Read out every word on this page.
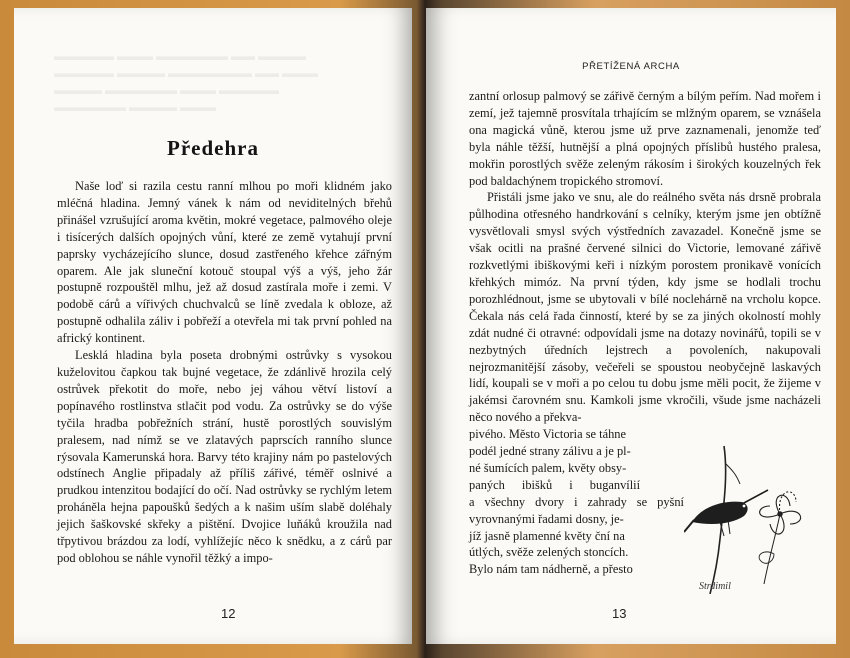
▬▬▬▬▬ ▬▬▬ ▬▬▬▬▬▬ ▬▬ ▬▬▬▬
▬▬▬▬▬ ▬▬▬▬ ▬▬▬▬▬▬▬ ▬▬ ▬▬▬
▬▬▬▬ ▬▬▬▬▬▬ ▬▬▬ ▬▬▬▬▬
▬▬▬▬▬▬ ▬▬▬▬ ▬▬▬
Předehra

Naše loď si razila cestu ranní mlhou po moři klidném jako mléčná hladina. Jemný vánek k nám od neviditelných břehů přinášel vzrušující aroma květin, mokré vegetace, palmového oleje i tisícerých dalších opojných vůní, které ze země vytahují první paprsky vycházejícího slunce, dosud zastřeného křehce zářným oparem. Ale jak sluneční kotouč stoupal výš a výš, jeho žár postupně rozpouštěl mlhu, jež až dosud zastírala moře i zemi. V podobě cárů a vířivých chuchvalců se líně zvedala k obloze, až postupně odhalila záliv i pobřeží a otevřela mi tak první pohled na africký kontinent.

Lesklá hladina byla poseta drobnými ostrůvky s vysokou kuželovitou čapkou tak bujné vegetace, že zdánlivě hrozila celý ostrůvek překotit do moře, nebo jej váhou větví listoví a popínavého rostlinstva stlačit pod vodu. Za ostrůvky se do výše tyčila hradba pobřežních strání, hustě porostlých souvislým pralesem, nad nímž se ve zlatavých paprscích ranního slunce rýsovala Kamerunská hora. Barvy této krajiny nám po pastelových odstínech Anglie připadaly až příliš zářivé, téměř oslnivé a prudkou intenzitou bodající do očí. Nad ostrůvky se rychlým letem proháněla hejna papoušků šedých a k našim uším slabě doléhaly jejich šaškovské skřeky a pištění. Dvojice luňáků kroužila nad třpytivou brázdou za lodí, vyhlížejíc něco k snědku, a z cárů par pod oblohou se náhle vynořil těžký a impo-

12
PŘETÍŽENÁ ARCHA

zantní orlosup palmový se zářivě černým a bílým peřím. Nad mořem i zemí, jež tajemně prosvítala trhajícím se mlžným oparem, se vznášela ona magická vůně, kterou jsme už prve zaznamenali, jenomže teď byla náhle těžší, hutnější a plná opojných příslibů hustého pralesa, mokřin porostlých svěže zeleným rákosím i širokých kouzelných řek pod baldachýnem tropického stromoví.

Přistáli jsme jako ve snu, ale do reálného světa nás drsně probrala půlhodina otřesného handrkování s celníky, kterým jsme jen obtížně vysvětlovali smysl svých výstředních zavazadel. Konečně jsme se však ocitli na prašné červené silnici do Victorie, lemované zářivě rozkvetlými ibiškovými keři i nízkým porostem pronikavě vonících křehkých mimóz. Na první týden, kdy jsme se hodlali trochu porozhlédnout, jsme se ubytovali v bílé noclehárně na vrcholu kopce. Čekala nás celá řada činností, které by se za jiných okolností mohly zdát nudné či otravné: odpovídali jsme na dotazy novinářů, topili se v nezbytných úředních lejstrech a povoleních, nakupovali nejrozmanitější zásoby, večeřeli se spoustou neobyčejně laskavých lidí, koupali se v moři a po celou tu dobu jsme měli pocit, že žijeme v jakémsi čarovném snu. Kamkoli jsme vkročili, všude jsme nacházeli něco nového a překva-

pivého. Město Victoria se táhne
podél jedné strany zálivu a je pl-
né šumících palem, květy obsy-
paných ibišků i buganvílií
a všechny dvory i zahrady se pyšní vyrovnanými řadami dosny, je-
jíž jasně plamenné květy ční na
útlých, svěže zelených stoncích.
Bylo nám tam nádherně, a přesto
Strdimil
13
